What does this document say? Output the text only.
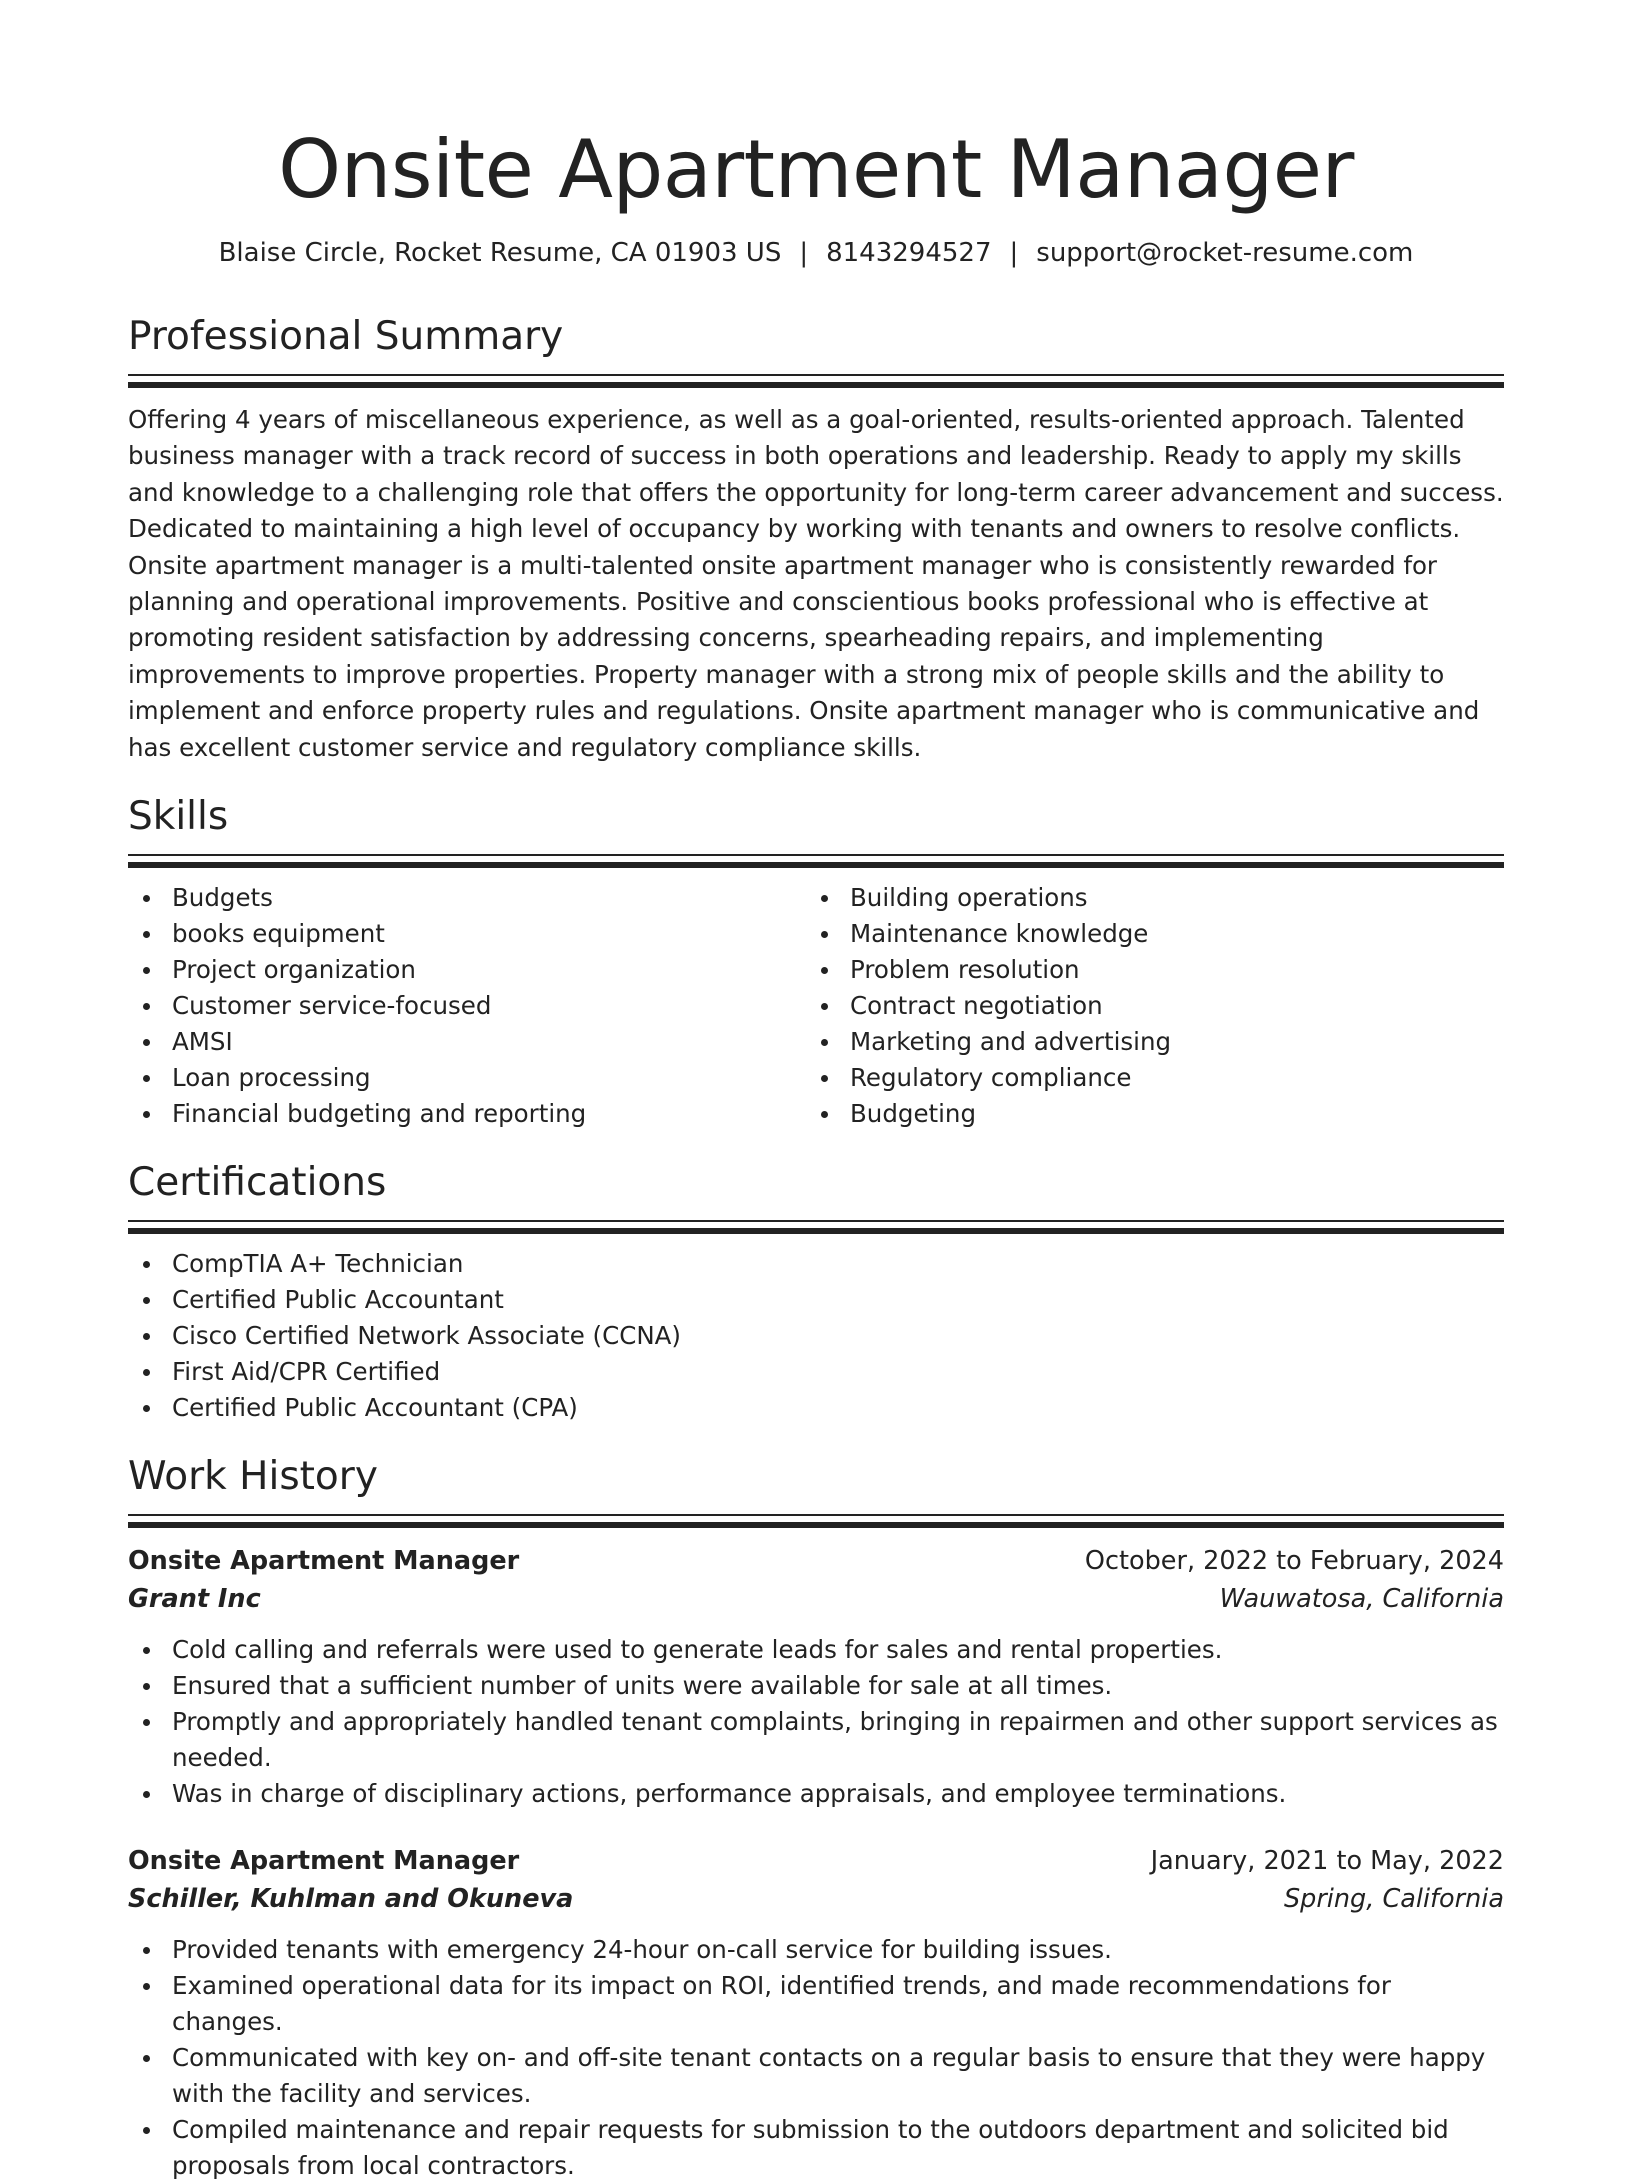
Onsite Apartment Manager
Blaise Circle, Rocket Resume, CA 01903 US | 8143294527 | support@rocket-resume.com
Professional Summary

Offering 4 years of miscellaneous experience, as well as a goal-oriented, results-oriented approach. Talented business manager with a track record of success in both operations and leadership. Ready to apply my skills and knowledge to a challenging role that offers the opportunity for long-term career advancement and success. Dedicated to maintaining a high level of occupancy by working with tenants and owners to resolve conflicts. Onsite apartment manager is a multi-talented onsite apartment manager who is consistently rewarded for planning and operational improvements. Positive and conscientious books professional who is effective at promoting resident satisfaction by addressing concerns, spearheading repairs, and implementing improvements to improve properties. Property manager with a strong mix of people skills and the ability to implement and enforce property rules and regulations. Onsite apartment manager who is communicative and has excellent customer service and regulatory compliance skills.

Skills
Budgets
books equipment
Project organization
Customer service-focused
AMSI
Loan processing
Financial budgeting and reporting
Building operations
Maintenance knowledge
Problem resolution
Contract negotiation
Marketing and advertising
Regulatory compliance
Budgeting
Certifications
CompTIA A+ Technician
Certified Public Accountant
Cisco Certified Network Associate (CCNA)
First Aid/CPR Certified
Certified Public Accountant (CPA)
Work History
Onsite Apartment Manager	October, 2022 to February, 2024
Grant Inc	Wauwatosa, California
Cold calling and referrals were used to generate leads for sales and rental properties.
Ensured that a sufficient number of units were available for sale at all times.
Promptly and appropriately handled tenant complaints, bringing in repairmen and other support services as needed.
Was in charge of disciplinary actions, performance appraisals, and employee terminations.
Onsite Apartment Manager	January, 2021 to May, 2022
Schiller, Kuhlman and Okuneva	Spring, California
Provided tenants with emergency 24-hour on-call service for building issues.
Examined operational data for its impact on ROI, identified trends, and made recommendations for changes.
Communicated with key on- and off-site tenant contacts on a regular basis to ensure that they were happy with the facility and services.
Compiled maintenance and repair requests for submission to the outdoors department and solicited bid proposals from local contractors.
